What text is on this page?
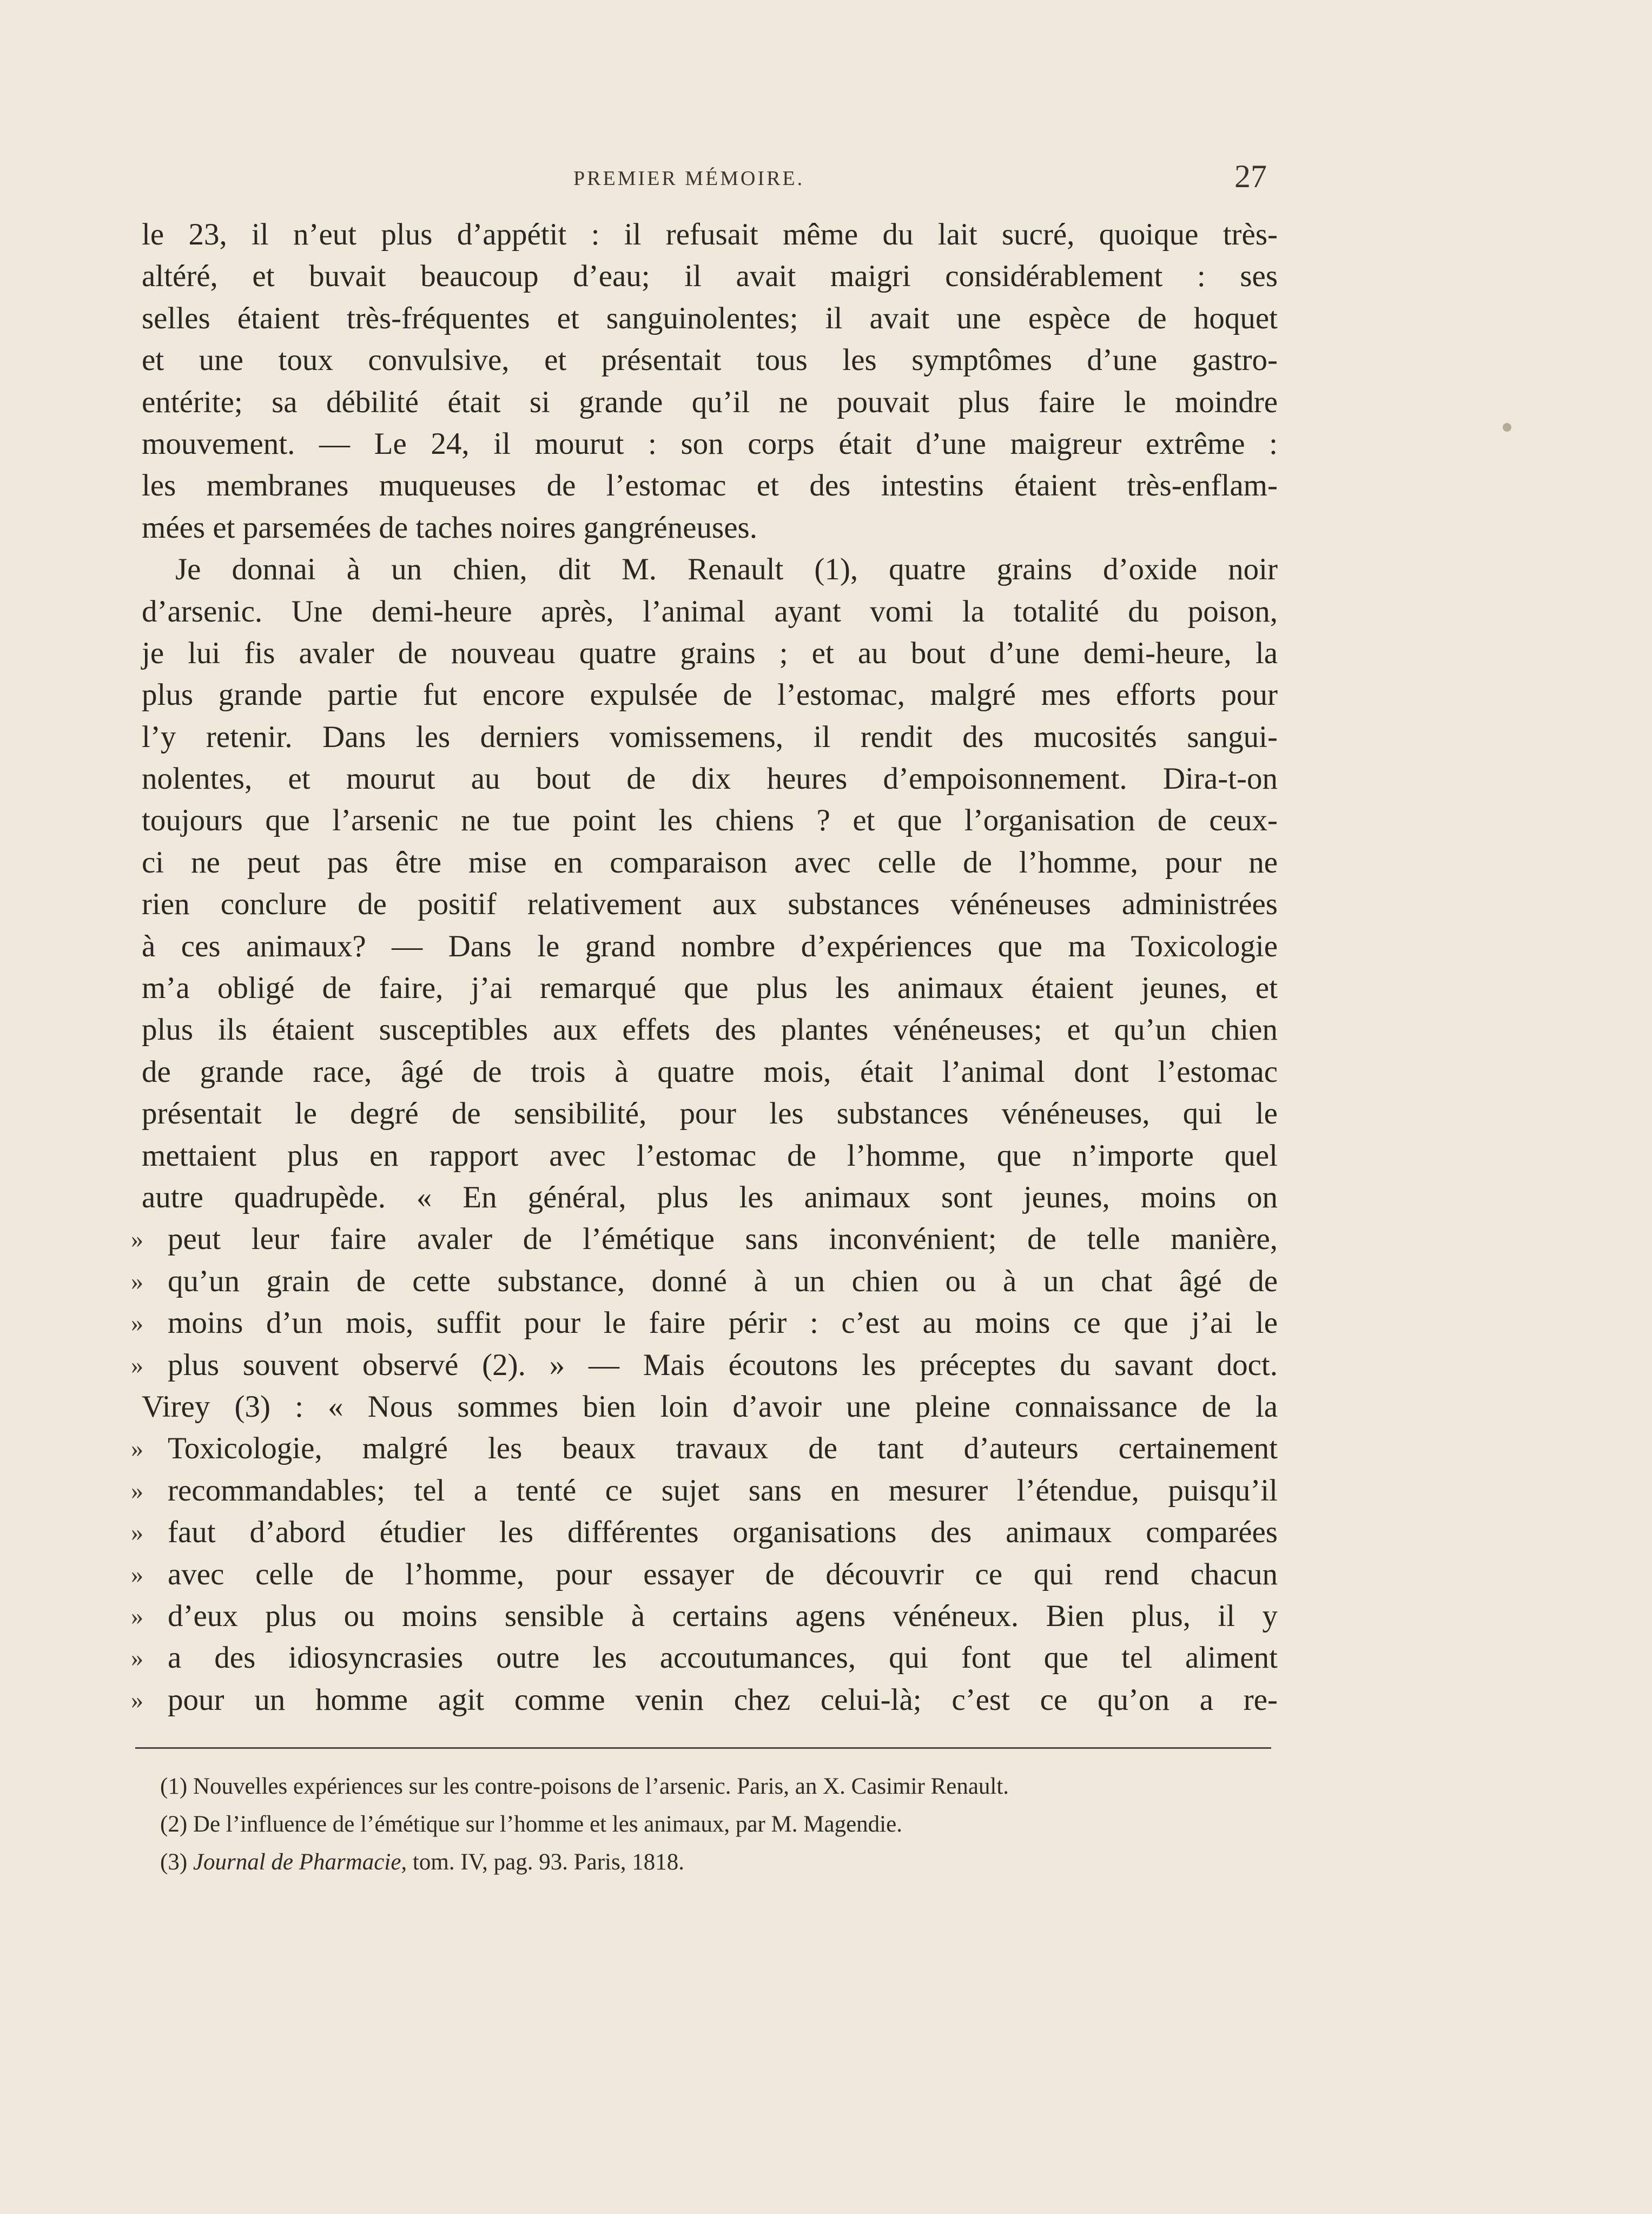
PREMIER MÉMOIRE.	27
le 23, il n’eut plus d’appétit : il refusait même du lait sucré, quoique très-
altéré, et buvait beaucoup d’eau; il avait maigri considérablement : ses
selles étaient très-fréquentes et sanguinolentes; il avait une espèce de hoquet
et une toux convulsive, et présentait tous les symptômes d’une gastro-
entérite; sa débilité était si grande qu’il ne pouvait plus faire le moindre
mouvement. — Le 24, il mourut : son corps était d’une maigreur extrême :
les membranes muqueuses de l’estomac et des intestins étaient très-enflam-
mées et parsemées de taches noires gangréneuses.
Je donnai à un chien, dit M. Renault (1), quatre grains d’oxide noir
d’arsenic. Une demi-heure après, l’animal ayant vomi la totalité du poison,
je lui fis avaler de nouveau quatre grains ; et au bout d’une demi-heure, la
plus grande partie fut encore expulsée de l’estomac, malgré mes efforts pour
l’y retenir. Dans les derniers vomissemens, il rendit des mucosités sangui-
nolentes, et mourut au bout de dix heures d’empoisonnement. Dira-t-on
toujours que l’arsenic ne tue point les chiens ? et que l’organisation de ceux-
ci ne peut pas être mise en comparaison avec celle de l’homme, pour ne
rien conclure de positif relativement aux substances vénéneuses administrées
à ces animaux? — Dans le grand nombre d’expériences que ma Toxicologie
m’a obligé de faire, j’ai remarqué que plus les animaux étaient jeunes, et
plus ils étaient susceptibles aux effets des plantes vénéneuses; et qu’un chien
de grande race, âgé de trois à quatre mois, était l’animal dont l’estomac
présentait le degré de sensibilité, pour les substances vénéneuses, qui le
mettaient plus en rapport avec l’estomac de l’homme, que n’importe quel
autre quadrupède. « En général, plus les animaux sont jeunes, moins on
» peut leur faire avaler de l’émétique sans inconvénient; de telle manière,
» qu’un grain de cette substance, donné à un chien ou à un chat âgé de
» moins d’un mois, suffit pour le faire périr : c’est au moins ce que j’ai le
» plus souvent observé (2). » — Mais écoutons les préceptes du savant doct.
Virey (3) : « Nous sommes bien loin d’avoir une pleine connaissance de la
» Toxicologie, malgré les beaux travaux de tant d’auteurs certainement
» recommandables; tel a tenté ce sujet sans en mesurer l’étendue, puisqu’il
» faut d’abord étudier les différentes organisations des animaux comparées
» avec celle de l’homme, pour essayer de découvrir ce qui rend chacun
» d’eux plus ou moins sensible à certains agens vénéneux. Bien plus, il y
» a des idiosyncrasies outre les accoutumances, qui font que tel aliment
» pour un homme agit comme venin chez celui-là; c’est ce qu’on a re-
(1) Nouvelles expériences sur les contre-poisons de l’arsenic. Paris, an X. Casimir Renault.
(2) De l’influence de l’émétique sur l’homme et les animaux, par M. Magendie.
(3) Journal de Pharmacie, tom. IV, pag. 93. Paris, 1818.
